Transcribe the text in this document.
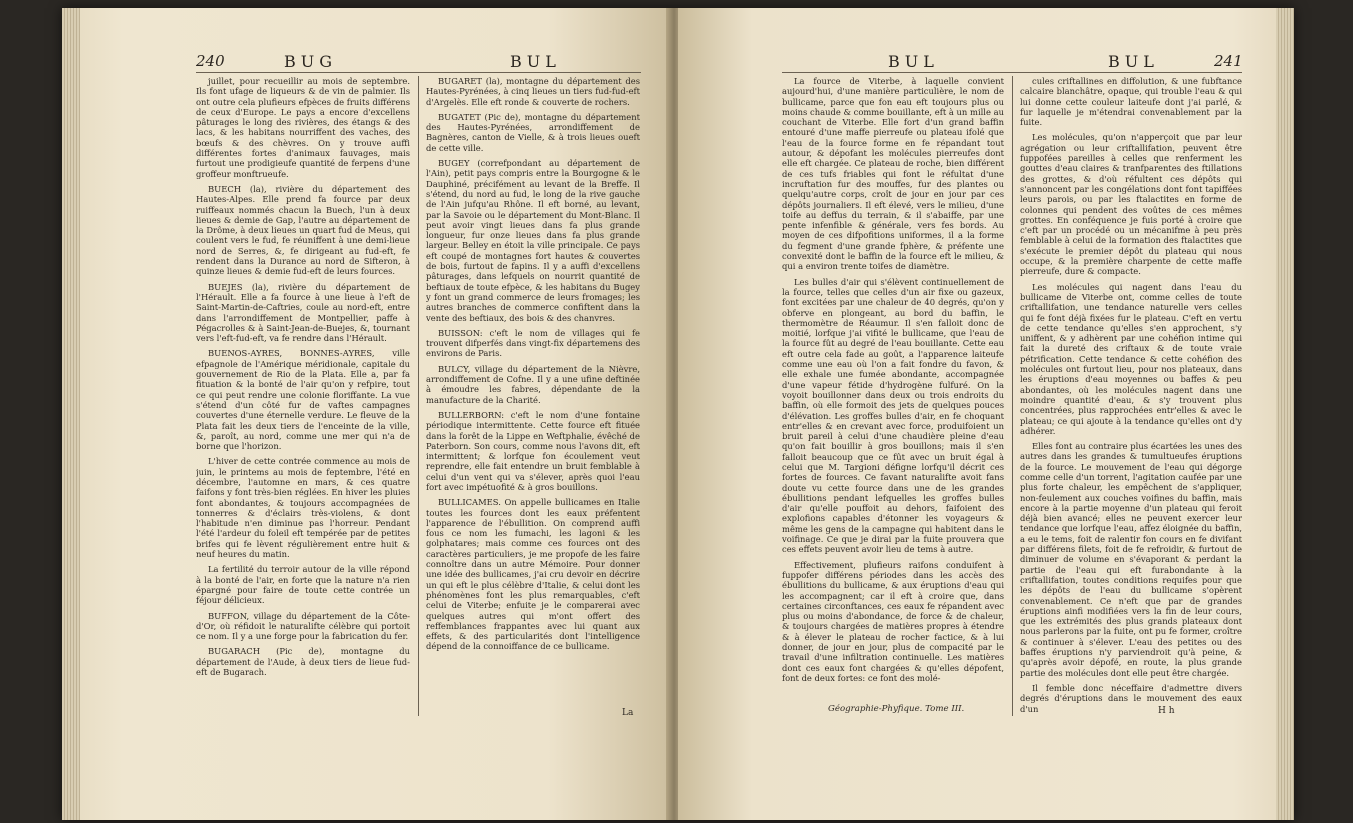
240	BUG	BUL

juillet, pour recueillir au mois de septembre. Ils font ufage de liqueurs & de vin de palmier. Ils ont outre cela plufieurs efpèces de fruits différens de ceux d'Europe. Le pays a encore d'excellens pâturages le long des rivières, des étangs & des lacs, & les habitans nourriffent des vaches, des bœufs & des chèvres. On y trouve auffi différentes fortes d'animaux fauvages, mais furtout une prodigieufe quantité de ferpens d'une groffeur monftrueufe.

BUECH (la), rivière du département des Hautes-Alpes. Elle prend fa fource par deux ruiffeaux nommés chacun la Buech, l'un à deux lieues & demie de Gap, l'autre au département de la Drôme, à deux lieues un quart fud de Meus, qui coulent vers le fud, fe réuniffent à une demi-lieue nord de Serres, &, fe dirigeant au fud-eft, fe rendent dans la Durance au nord de Sifteron, à quinze lieues & demie fud-eft de leurs fources.

BUEJES (la), rivière du département de l'Hérault. Elle a fa fource à une lieue à l'eft de Saint-Martin-de-Caftries, coule au nord-eft, entre dans l'arrondiffement de Montpellier, paffe à Pégacrolles & à Saint-Jean-de-Buejes, &, tournant vers l'eft-fud-eft, va fe rendre dans l'Hérault.

BUENOS-AYRES, BONNES-AYRES, ville efpagnole de l'Amérique méridionale, capitale du gouvernement de Rio de la Plata. Elle a, par fa fituation & la bonté de l'air qu'on y refpire, tout ce qui peut rendre une colonie floriffante. La vue s'étend d'un côté fur de vaftes campagnes couvertes d'une éternelle verdure. Le fleuve de la Plata fait les deux tiers de l'enceinte de la ville, &, paroît, au nord, comme une mer qui n'a de borne que l'horizon.

L'hiver de cette contrée commence au mois de juin, le printems au mois de feptembre, l'été en décembre, l'automne en mars, & ces quatre faifons y font très-bien réglées. En hiver les pluies font abondantes, & toujours accompagnées de tonnerres & d'éclairs très-violens, & dont l'habitude n'en diminue pas l'horreur. Pendant l'été l'ardeur du foleil eft tempérée par de petites brifes qui fe lèvent régulièrement entre huit & neuf heures du matin.

La fertilité du terroir autour de la ville répond à la bonté de l'air, en forte que la nature n'a rien épargné pour faire de toute cette contrée un féjour délicieux.

BUFFON, village du département de la Côte-d'Or, où réfidoit le naturalifte célèbre qui portoit ce nom. Il y a une forge pour la fabrication du fer.

BUGARACH (Pic de), montagne du département de l'Aude, à deux tiers de lieue fud-eft de Bugarach.

BUGARET (la), montagne du département des Hautes-Pyrénées, à cinq lieues un tiers fud-fud-eft d'Argelès. Elle eft ronde & couverte de rochers.

BUGATET (Pic de), montagne du département des Hautes-Pyrénées, arrondiffement de Bagnères, canton de Vielle, & à trois lieues oueft de cette ville.

BUGEY (correfpondant au département de l'Ain), petit pays compris entre la Bourgogne & le Dauphiné, précifément au levant de la Breffe. Il s'étend, du nord au fud, le long de la rive gauche de l'Ain jufqu'au Rhône. Il eft borné, au levant, par la Savoie ou le département du Mont-Blanc. Il peut avoir vingt lieues dans fa plus grande longueur, fur onze lieues dans fa plus grande largeur. Belley en étoit la ville principale. Ce pays eft coupé de montagnes fort hautes & couvertes de bois, furtout de fapins. Il y a auffi d'excellens pâturages, dans lefquels on nourrit quantité de beftiaux de toute efpèce, & les habitans du Bugey y font un grand commerce de leurs fromages; les autres branches de commerce confiftent dans la vente des beftiaux, des bois & des chanvres.

BUISSON: c'eft le nom de villages qui fe trouvent difperfés dans vingt-fix départemens des environs de Paris.

BULCY, village du département de la Nièvre, arrondiffement de Cofne. Il y a une ufine deftinée à émoudre les fabres, dépendante de la manufacture de la Charité.

BULLERBORN: c'eft le nom d'une fontaine périodique intermittente. Cette fource eft fituée dans la forêt de la Lippe en Weftphalie, évêché de Paterborn. Son cours, comme nous l'avons dit, eft intermittent; & lorfque fon écoulement veut reprendre, elle fait entendre un bruit femblable à celui d'un vent qui va s'élever, après quoi l'eau fort avec impétuofité & à gros bouillons.

BULLICAMES. On appelle bullicames en Italie toutes les fources dont les eaux préfentent l'apparence de l'ébullition. On comprend auffi fous ce nom les fumachi, les lagoni & les golphatares; mais comme ces fources ont des caractères particuliers, je me propofe de les faire connoître dans un autre Mémoire. Pour donner une idée des bullicames, j'ai cru devoir en décrire un qui eft le plus célèbre d'Italie, & celui dont les phénomènes font les plus remarquables, c'eft celui de Viterbe; enfuite je le comparerai avec quelques autres qui m'ont offert des reffemblances frappantes avec lui quant aux effets, & des particularités dont l'intelligence dépend de la connoiffance de ce bullicame.

La
BUL	BUL	241

La fource de Viterbe, à laquelle convient aujourd'hui, d'une manière particulière, le nom de bullicame, parce que fon eau eft toujours plus ou moins chaude & comme bouillante, eft à un mille au couchant de Viterbe. Elle fort d'un grand baffin entouré d'une maffe pierreufe ou plateau ifolé que l'eau de la fource forme en fe répandant tout autour, & dépofant les molécules pierreufes dont elle eft chargée. Ce plateau de roche, bien différent de ces tufs friables qui font le réfultat d'une incruftation fur des mouffes, fur des plantes ou quelqu'autre corps, croît de jour en jour par ces dépôts journaliers. Il eft élevé, vers le milieu, d'une toife au deffus du terrain, & il s'abaiffe, par une pente infenfible & générale, vers fes bords. Au moyen de ces difpofitions uniformes, il a la forme du fegment d'une grande fphère, & préfente une convexité dont le baffin de la fource eft le milieu, & qui a environ trente toifes de diamètre.

Les bulles d'air qui s'élèvent continuellement de la fource, telles que celles d'un air fixe ou gazeux, font excitées par une chaleur de 40 degrés, qu'on y obferve en plongeant, au bord du baffin, le thermomètre de Réaumur. Il s'en falloit donc de moitié, lorfque j'ai vifité le bullicame, que l'eau de la fource fût au degré de l'eau bouillante. Cette eau eft outre cela fade au goût, a l'apparence laiteufe comme une eau où l'on a fait fondre du favon, & elle exhale une fumée abondante, accompagnée d'une vapeur fétide d'hydrogène fulfuré. On la voyoit bouillonner dans deux ou trois endroits du baffin, où elle formoit des jets de quelques pouces d'élévation. Les groffes bulles d'air, en fe choquant entr'elles & en crevant avec force, produifoient un bruit pareil à celui d'une chaudière pleine d'eau qu'on fait bouillir à gros bouillons; mais il s'en falloit beaucoup que ce fût avec un bruit égal à celui que M. Targioni défigne lorfqu'il décrit ces fortes de fources. Ce favant naturalifte avoit fans doute vu cette fource dans une de les grandes ébullitions pendant lefquelles les groffes bulles d'air qu'elle pouffoit au dehors, faifoient des explofions capables d'étonner les voyageurs & même les gens de la campagne qui habitent dans le voifinage. Ce que je dirai par la fuite prouvera que ces effets peuvent avoir lieu de tems à autre.

Effectivement, plufieurs raifons conduifent à fuppofer différens périodes dans les accès des ébullitions du bullicame, & aux éruptions d'eau qui les accompagnent; car il eft à croire que, dans certaines circonftances, ces eaux fe répandent avec plus ou moins d'abondance, de force & de chaleur, & toujours chargées de matières propres à étendre & à élever le plateau de rocher factice, & à lui donner, de jour en jour, plus de compacité par le travail d'une infiltration continuelle. Les matières dont ces eaux font chargées & qu'elles dépofent, font de deux fortes: ce font des molé-

cules criftallines en diffolution, & une fubftance calcaire blanchâtre, opaque, qui trouble l'eau & qui lui donne cette couleur laiteufe dont j'ai parlé, & fur laquelle je m'étendrai convenablement par la fuite.

Les molécules, qu'on n'apperçoit que par leur agrégation ou leur criftallifation, peuvent être fuppofées pareilles à celles que renferment les gouttes d'eau claires & tranfparentes des ftillations des grottes, & d'où réfultent ces dépôts qui s'annoncent par les congélations dont font tapiffées leurs parois, ou par les ftalactites en forme de colonnes qui pendent des voûtes de ces mêmes grottes. En conféquence je fuis porté à croire que c'eft par un procédé ou un mécanifme à peu près femblable à celui de la formation des ftalactites que s'exécute le premier dépôt du plateau qui nous occupe, & la première charpente de cette maffe pierreufe, dure & compacte.

Les molécules qui nagent dans l'eau du bullicame de Viterbe ont, comme celles de toute criftallifation, une tendance naturelle vers celles qui fe font déjà fixées fur le plateau. C'eft en vertu de cette tendance qu'elles s'en approchent, s'y uniffent, & y adhèrent par une cohéfion intime qui fait la dureté des criftaux & de toute vraie pétrification. Cette tendance & cette cohéfion des molécules ont furtout lieu, pour nos plateaux, dans les éruptions d'eau moyennes ou baffes & peu abondantes, où les molécules nagent dans une moindre quantité d'eau, & s'y trouvent plus concentrées, plus rapprochées entr'elles & avec le plateau; ce qui ajoute à la tendance qu'elles ont d'y adhérer.

Elles font au contraire plus écartées les unes des autres dans les grandes & tumultueufes éruptions de la fource. Le mouvement de l'eau qui dégorge comme celle d'un torrent, l'agitation caufée par une plus forte chaleur, les empêchent de s'appliquer, non-feulement aux couches voifines du baffin, mais encore à la partie moyenne d'un plateau qui feroit déjà bien avancé; elles ne peuvent exercer leur tendance que lorfque l'eau, affez éloignée du baffin, a eu le tems, foit de ralentir fon cours en fe divifant par différens filets, foit de fe refroidir, & furtout de diminuer de volume en s'évaporant & perdant la partie de l'eau qui eft furabondante à la criftallifation, toutes conditions requifes pour que les dépôts de l'eau du bullicame s'opèrent convenablement. Ce n'eft que par de grandes éruptions ainfi modifiées vers la fin de leur cours, que les extrémités des plus grands plateaux dont nous parlerons par la fuite, ont pu fe former, croître & continuer à s'élever. L'eau des petites ou des baffes éruptions n'y parviendroit qu'à peine, & qu'après avoir dépofé, en route, la plus grande partie des molécules dont elle peut être chargée.

Il femble donc néceffaire d'admettre divers degrés d'éruptions dans le mouvement des eaux d'un

Géographie-Phyfique. Tome III.	H h
